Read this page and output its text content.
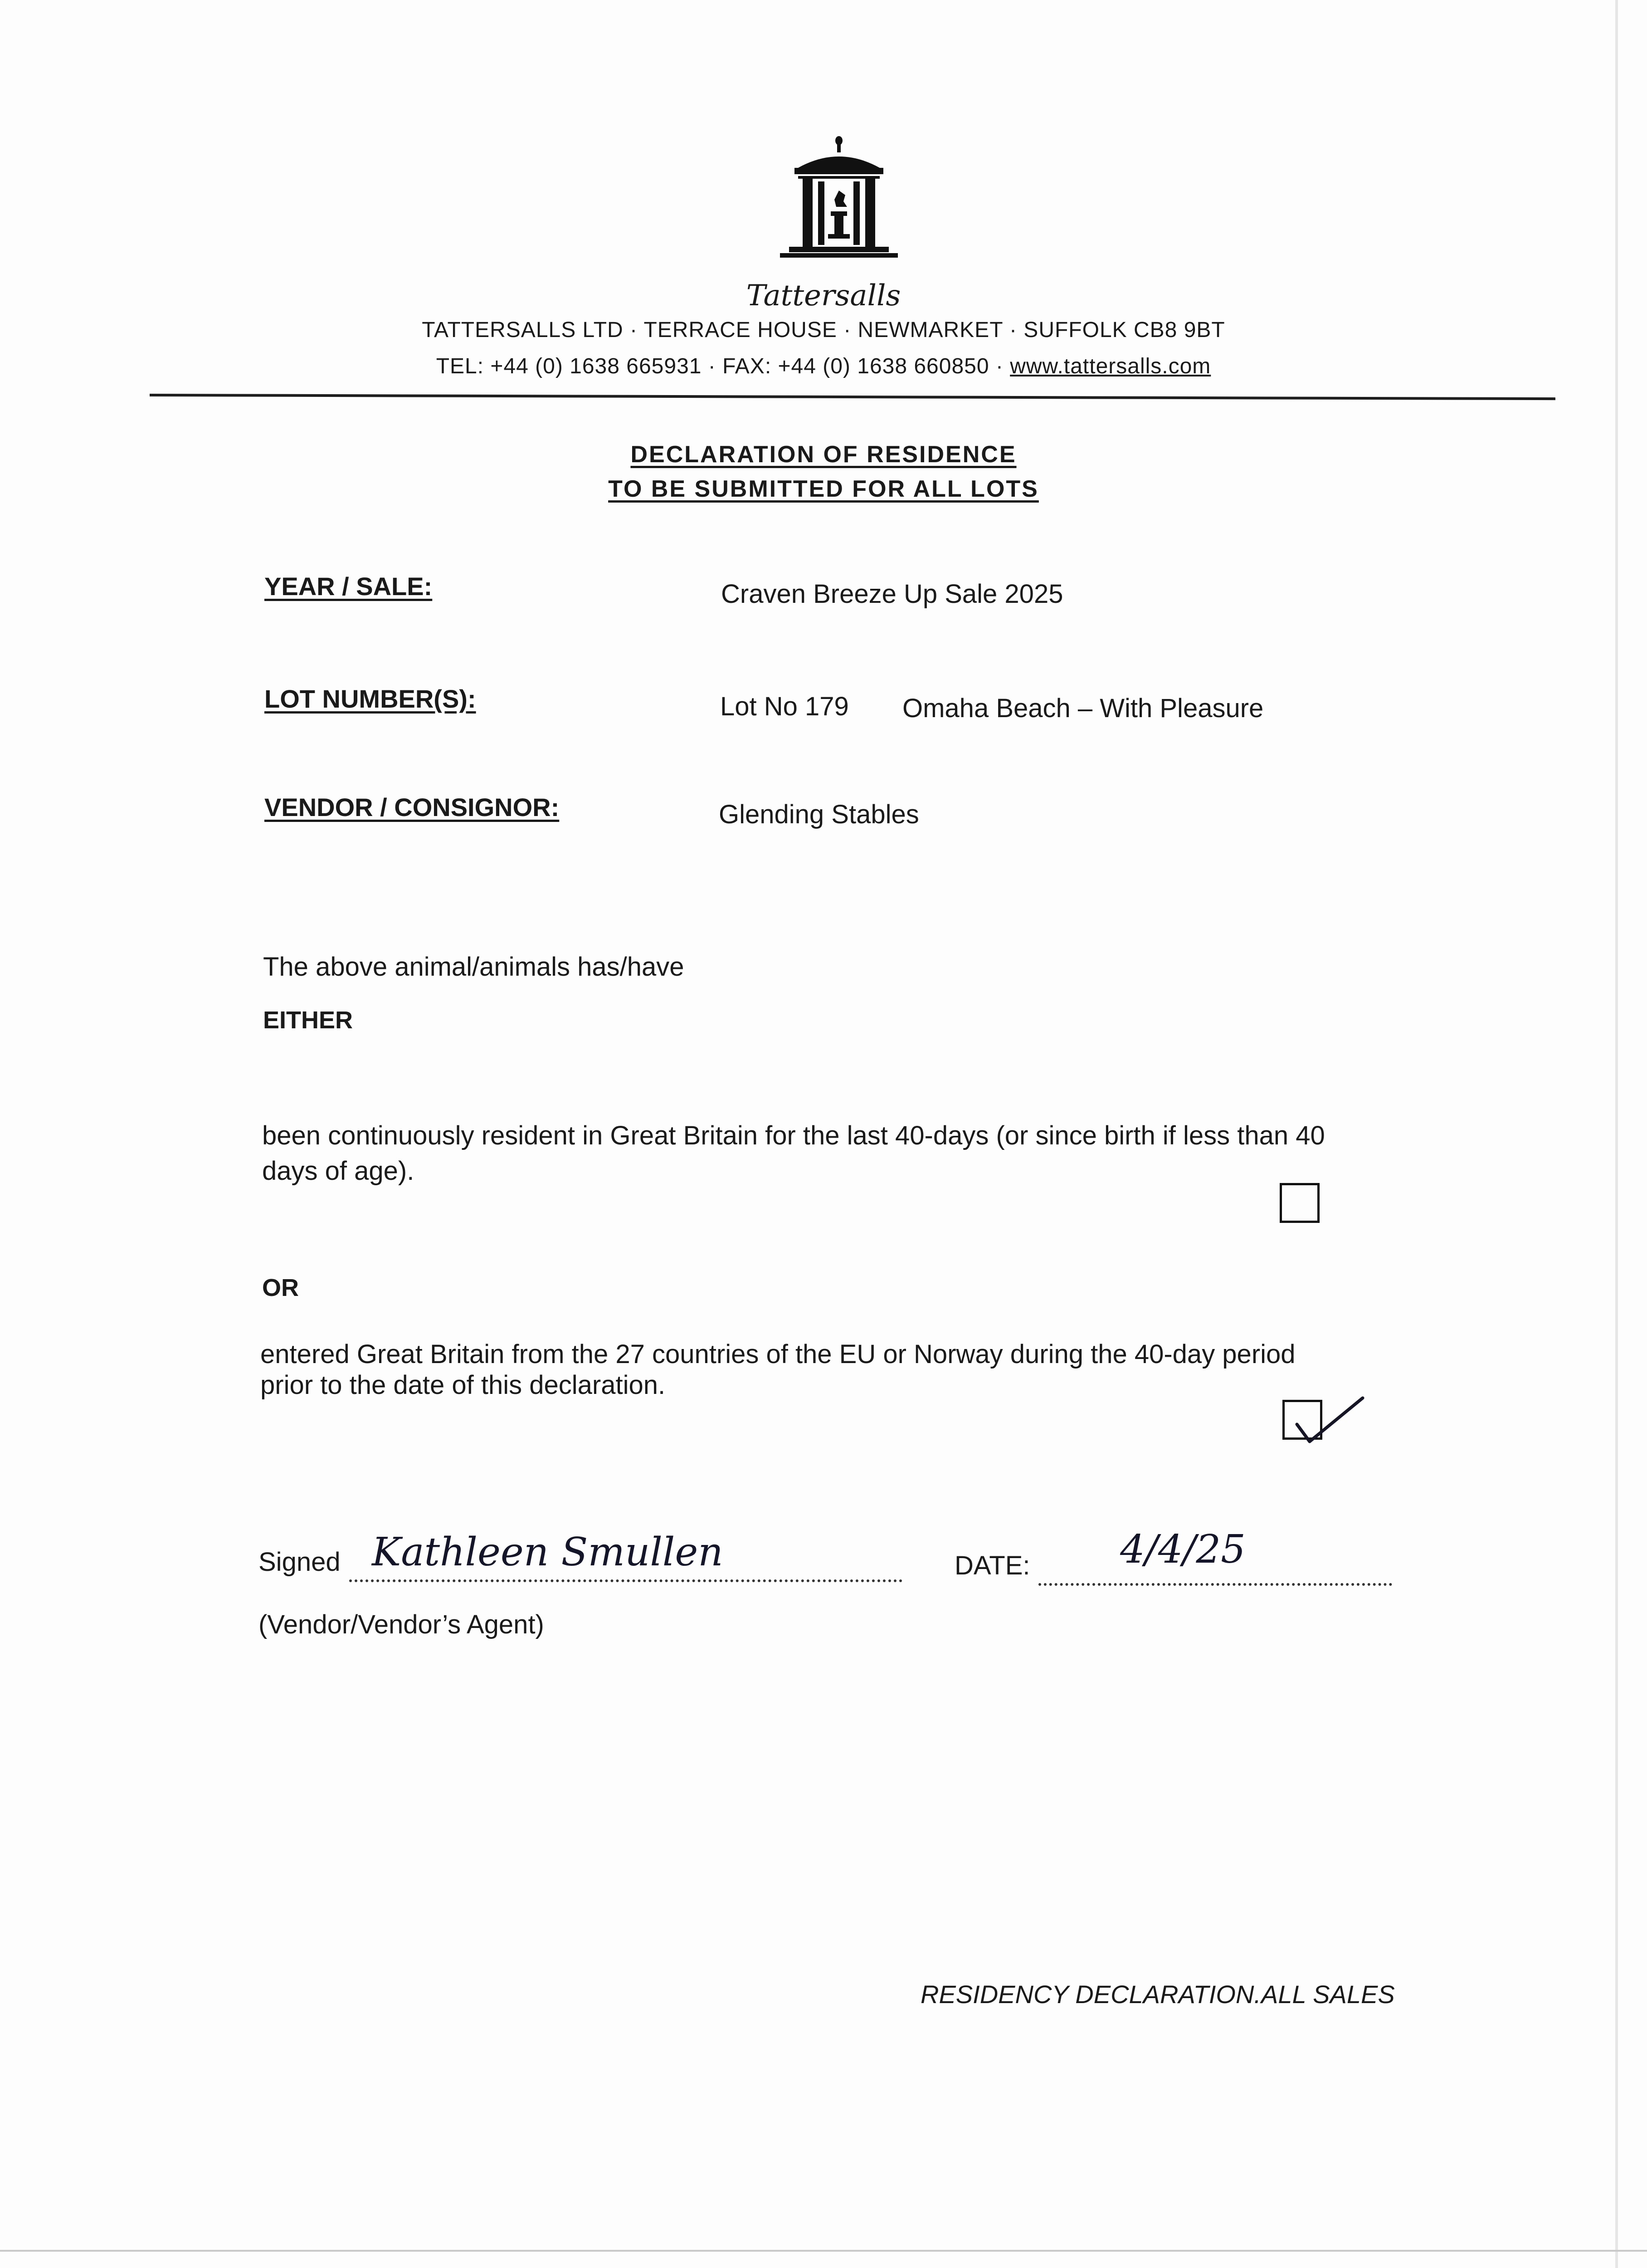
Tattersalls
TATTERSALLS LTD · TERRACE HOUSE · NEWMARKET · SUFFOLK CB8 9BT
TEL: +44 (0) 1638 665931 · FAX: +44 (0) 1638 660850 · www.tattersalls.com
DECLARATION OF RESIDENCE
TO BE SUBMITTED FOR ALL LOTS
YEAR / SALE:	Craven Breeze Up Sale 2025
LOT NUMBER(S):	Lot No 179 Omaha Beach – With Pleasure
VENDOR / CONSIGNOR:	Glending Stables
The above animal/animals has/have
EITHER
been continuously resident in Great Britain for the last 40-days (or since birth if less than 40
days of age).
OR
entered Great Britain from the 27 countries of the EU or Norway during the 40-day period
prior to the date of this declaration.
Signed Kathleen Smullen	DATE: 4/4/25
(Vendor/Vendor’s Agent)
RESIDENCY DECLARATION.ALL SALES
